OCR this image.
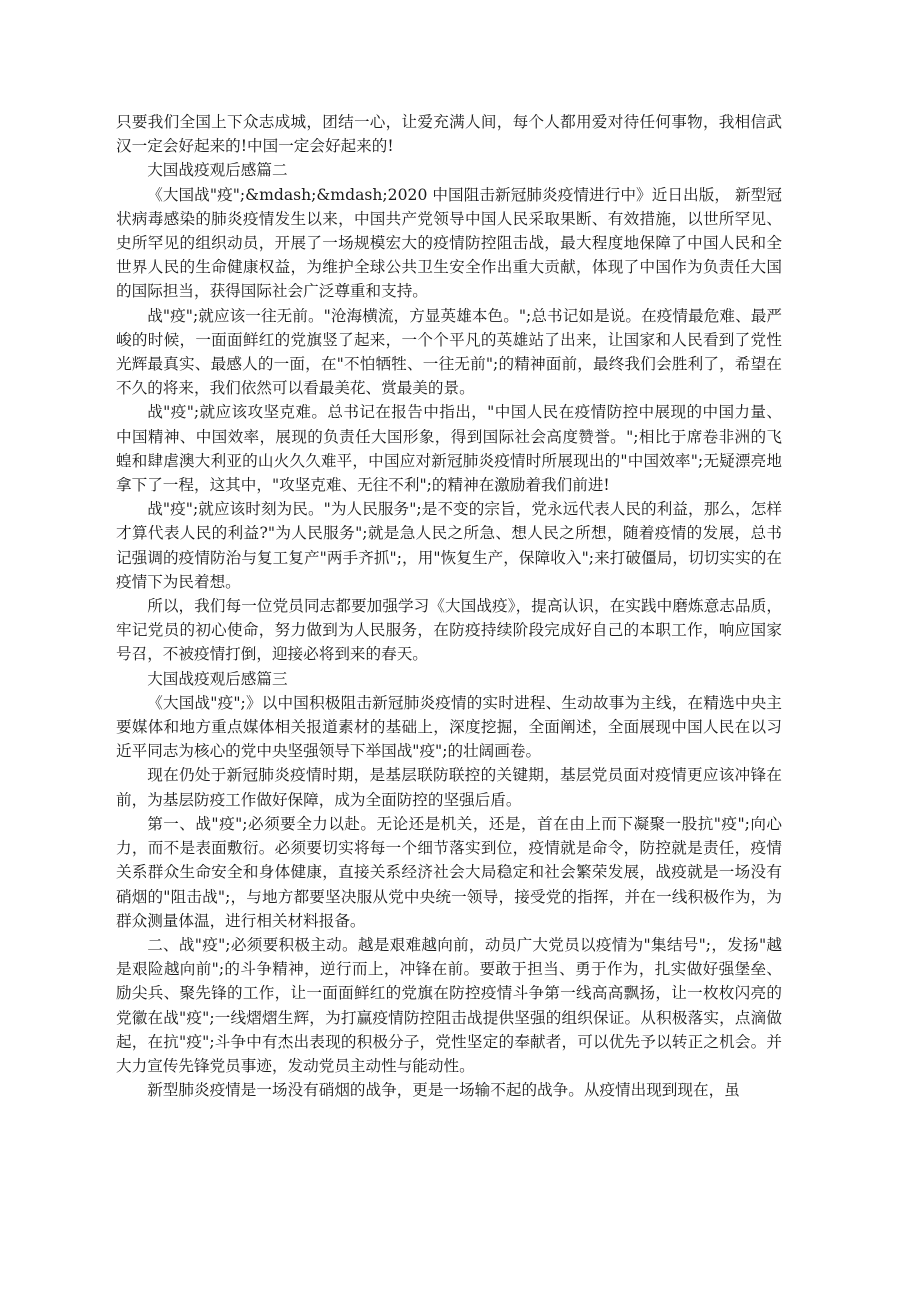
只要我们全国上下众志成城，团结一心，让爱充满人间，每个人都用爱对待任何事物，我相信武汉一定会好起来的!中国一定会好起来的!

大国战疫观后感篇二

《大国战"疫";&mdash;&mdash;2020 中国阻击新冠肺炎疫情进行中》近日出版， 新型冠状病毒感染的肺炎疫情发生以来，中国共产党领导中国人民采取果断、有效措施，以世所罕见、史所罕见的组织动员，开展了一场规模宏大的疫情防控阻击战，最大程度地保障了中国人民和全世界人民的生命健康权益，为维护全球公共卫生安全作出重大贡献，体现了中国作为负责任大国的国际担当，获得国际社会广泛尊重和支持。

战"疫";就应该一往无前。"沧海横流，方显英雄本色。";总书记如是说。在疫情最危难、最严峻的时候，一面面鲜红的党旗竖了起来，一个个平凡的英雄站了出来，让国家和人民看到了党性光辉最真实、最感人的一面，在"不怕牺牲、一往无前";的精神面前，最终我们会胜利了，希望在不久的将来，我们依然可以看最美花、赏最美的景。

战"疫";就应该攻坚克难。总书记在报告中指出，"中国人民在疫情防控中展现的中国力量、中国精神、中国效率，展现的负责任大国形象，得到国际社会高度赞誉。";相比于席卷非洲的飞蝗和肆虐澳大利亚的山火久久难平，中国应对新冠肺炎疫情时所展现出的"中国效率";无疑漂亮地拿下了一程，这其中，"攻坚克难、无往不利";的精神在激励着我们前进!

战"疫";就应该时刻为民。"为人民服务";是不变的宗旨，党永远代表人民的利益，那么，怎样才算代表人民的利益?"为人民服务";就是急人民之所急、想人民之所想，随着疫情的发展，总书记强调的疫情防治与复工复产"两手齐抓";，用"恢复生产，保障收入";来打破僵局，切切实实的在疫情下为民着想。

所以，我们每一位党员同志都要加强学习《大国战疫》，提高认识，在实践中磨炼意志品质，牢记党员的初心使命，努力做到为人民服务，在防疫持续阶段完成好自己的本职工作，响应国家号召，不被疫情打倒，迎接必将到来的春天。

大国战疫观后感篇三

《大国战"疫";》以中国积极阻击新冠肺炎疫情的实时进程、生动故事为主线，在精选中央主要媒体和地方重点媒体相关报道素材的基础上，深度挖掘，全面阐述，全面展现中国人民在以习近平同志为核心的党中央坚强领导下举国战"疫";的壮阔画卷。

现在仍处于新冠肺炎疫情时期，是基层联防联控的关键期，基层党员面对疫情更应该冲锋在前，为基层防疫工作做好保障，成为全面防控的坚强后盾。

第一、战"疫";必须要全力以赴。无论还是机关，还是，首在由上而下凝聚一股抗"疫";向心力，而不是表面敷衍。必须要切实将每一个细节落实到位，疫情就是命令，防控就是责任，疫情关系群众生命安全和身体健康，直接关系经济社会大局稳定和社会繁荣发展，战疫就是一场没有硝烟的"阻击战";，与地方都要坚决服从党中央统一领导，接受党的指挥，并在一线积极作为，为群众测量体温，进行相关材料报备。

二、战"疫";必须要积极主动。越是艰难越向前，动员广大党员以疫情为"集结号";，发扬"越是艰险越向前";的斗争精神，逆行而上，冲锋在前。要敢于担当、勇于作为，扎实做好强堡垒、励尖兵、聚先锋的工作，让一面面鲜红的党旗在防控疫情斗争第一线高高飘扬，让一枚枚闪亮的党徽在战"疫";一线熠熠生辉，为打赢疫情防控阻击战提供坚强的组织保证。从积极落实，点滴做起，在抗"疫";斗争中有杰出表现的积极分子，党性坚定的奉献者，可以优先予以转正之机会。并大力宣传先锋党员事迹，发动党员主动性与能动性。

新型肺炎疫情是一场没有硝烟的战争，更是一场输不起的战争。从疫情出现到现在，虽
